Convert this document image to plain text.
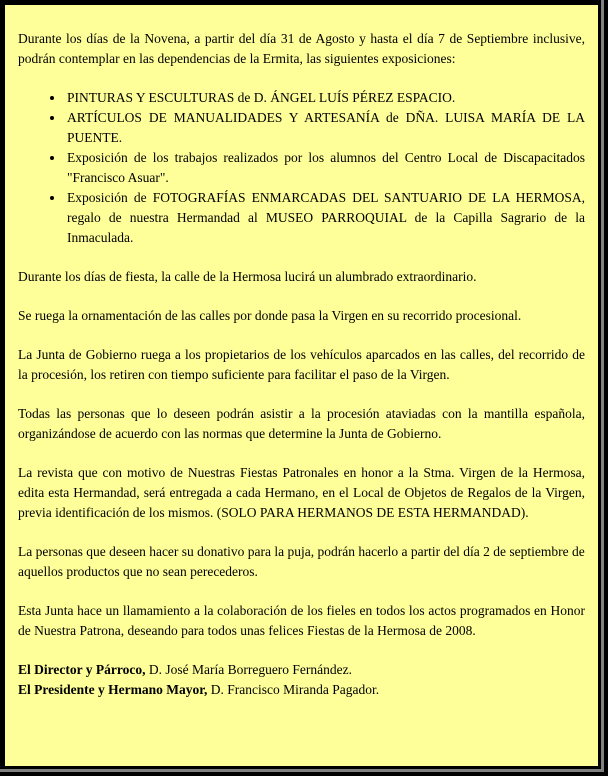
Durante los días de la Novena, a partir del día 31 de Agosto y hasta el día 7 de Septiembre inclusive, podrán contemplar en las dependencias de la Ermita, las siguientes exposiciones:

• PINTURAS Y ESCULTURAS de D. ÁNGEL LUÍS PÉREZ ESPACIO.
• ARTÍCULOS DE MANUALIDADES Y ARTESANÍA de DÑA. LUISA MARÍA DE LA PUENTE.
• Exposición de los trabajos realizados por los alumnos del Centro Local de Discapacitados "Francisco Asuar".
• Exposición de FOTOGRAFÍAS ENMARCADAS DEL SANTUARIO DE LA HERMOSA, regalo de nuestra Hermandad al MUSEO PARROQUIAL de la Capilla Sagrario de la Inmaculada.

Durante los días de fiesta, la calle de la Hermosa lucirá un alumbrado extraordinario.

Se ruega la ornamentación de las calles por donde pasa la Virgen en su recorrido procesional.

La Junta de Gobierno ruega a los propietarios de los vehículos aparcados en las calles, del recorrido de la procesión, los retiren con tiempo suficiente para facilitar el paso de la Virgen.

Todas las personas que lo deseen podrán asistir a la procesión ataviadas con la mantilla española, organizándose de acuerdo con las normas que determine la Junta de Gobierno.

La revista que con motivo de Nuestras Fiestas Patronales en honor a la Stma. Virgen de la Hermosa, edita esta Hermandad, será entregada a cada Hermano, en el Local de Objetos de Regalos de la Virgen, previa identificación de los mismos. (SOLO PARA HERMANOS DE ESTA HERMANDAD).

La personas que deseen hacer su donativo para la puja, podrán hacerlo a partir del día 2 de septiembre de aquellos productos que no sean perecederos.

Esta Junta hace un llamamiento a la colaboración de los fieles en todos los actos programados en Honor de Nuestra Patrona, deseando para todos unas felices Fiestas de la Hermosa de 2008.

El Director y Párroco, D. José María Borreguero Fernández.

El Presidente y Hermano Mayor, D. Francisco Miranda Pagador.
